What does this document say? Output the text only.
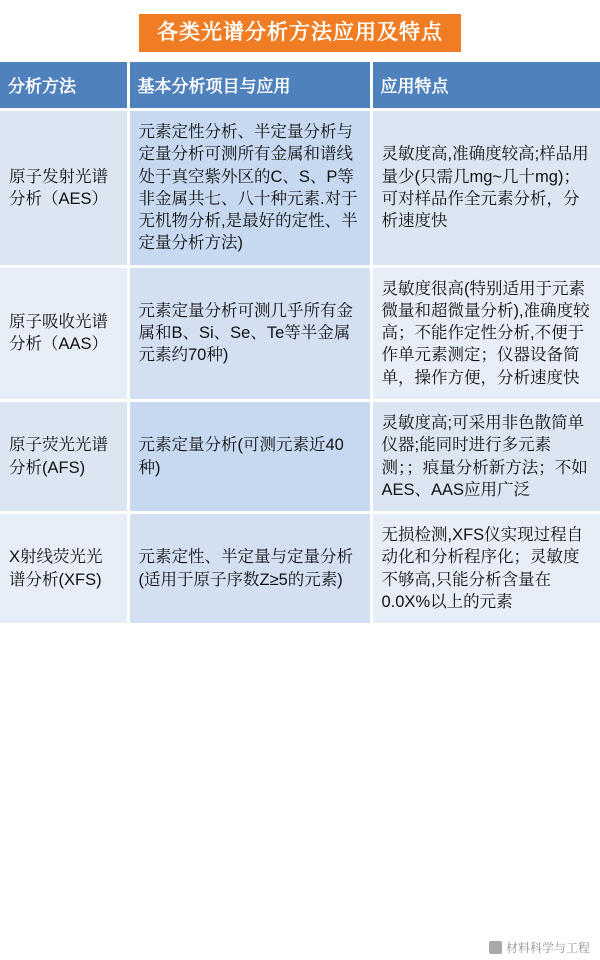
各类光谱分析方法应用及特点
分析方法	基本分析项目与应用	应用特点
原子发射光谱分析（AES）	元素定性分析、半定量分析与定量分析可测所有金属和谱线处于真空紫外区的C、S、P等非金属共七、八十种元素.对于无机物分析,是最好的定性、半定量分析方法)	灵敏度高,准确度较高;样品用量少(只需几mg~几十mg)；可对样品作全元素分析，分析速度快
原子吸收光谱分析（AAS）	元素定量分析可测几乎所有金属和B、Si、Se、Te等半金属元素约70种)	灵敏度很高(特别适用于元素微量和超微量分析),准确度较高；不能作定性分析,不便于作单元素测定；仪器设备简单，操作方便，分析速度快
原子荧光光谱分析(AFS)	元素定量分析(可测元素近40种)	灵敏度高;可采用非色散简单仪器;能同时进行多元素测；；痕量分析新方法；不如AES、AAS应用广泛
X射线荧光光谱分析(XFS)	元素定性、半定量与定量分析(适用于原子序数Z≥5的元素)	无损检测,XFS仪实现过程自动化和分析程序化；灵敏度不够高,只能分析含量在0.0X%以上的元素
材料科学与工程
